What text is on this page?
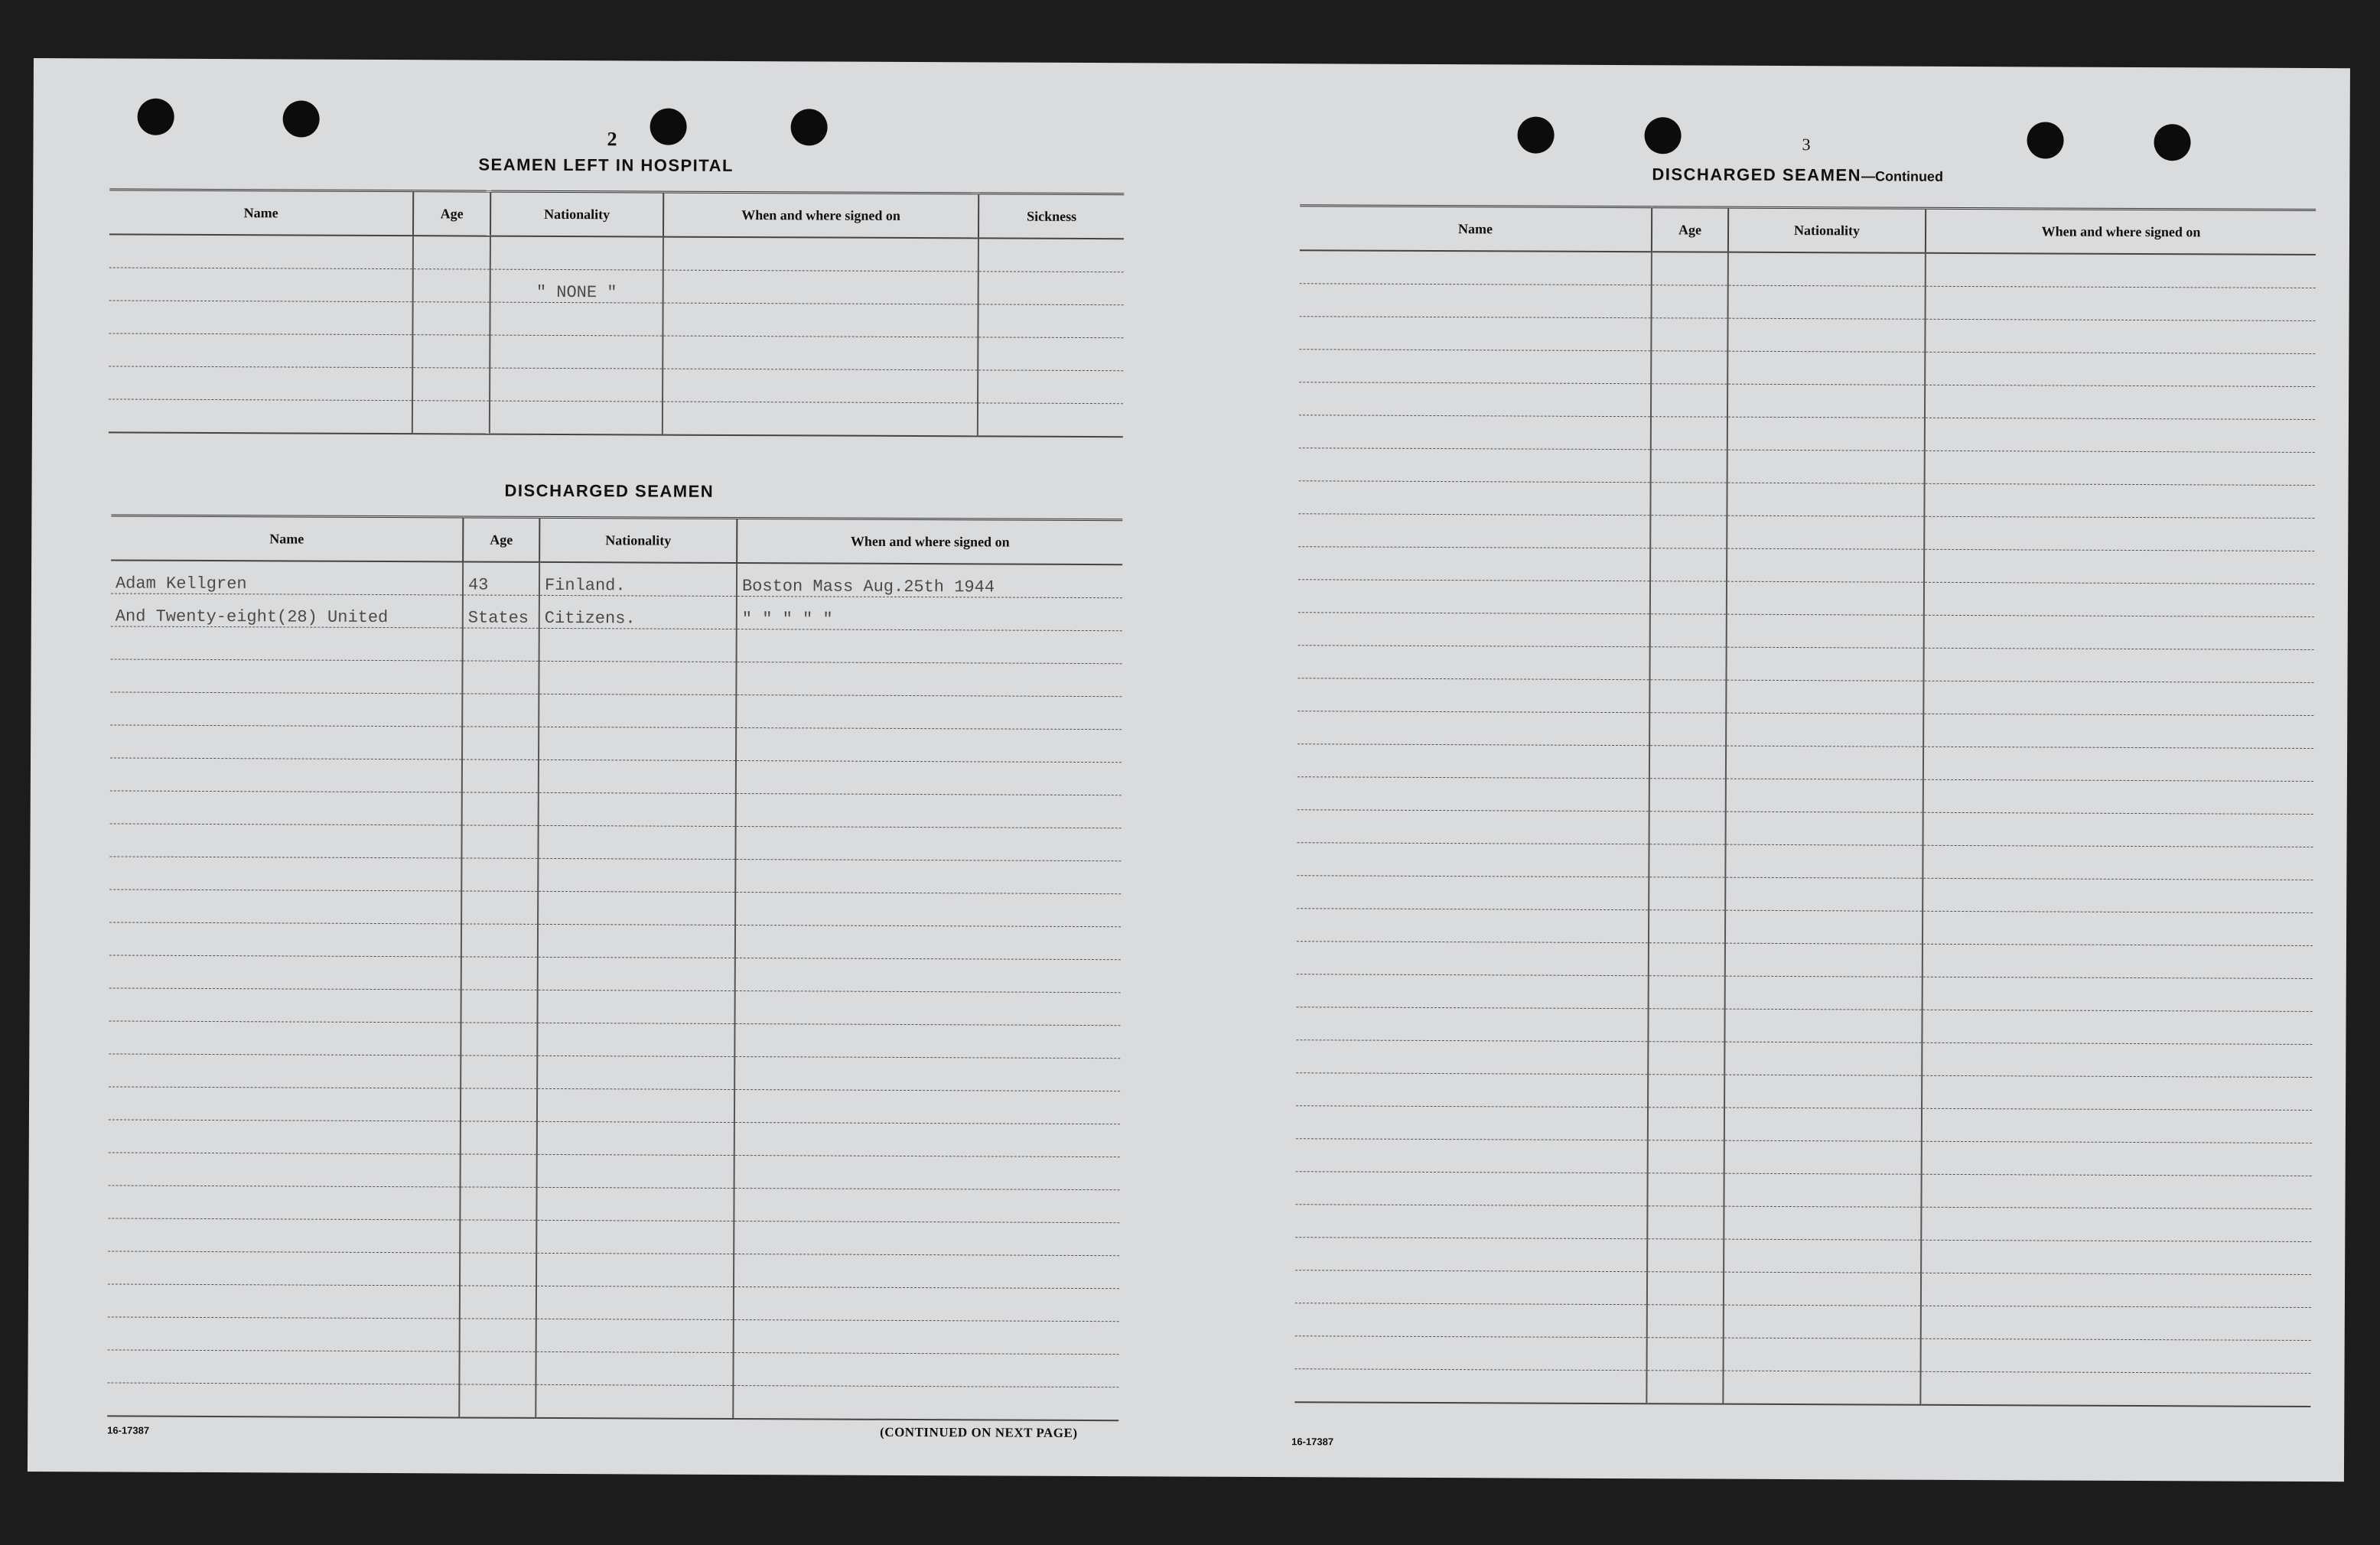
2
SEAMEN LEFT IN HOSPITAL
Name	Age	Nationality	When and where signed on	Sickness

		" NONE "		

DISCHARGED SEAMEN
Name	Age	Nationality	When and where signed on
Adam Kellgren	43	Finland.	Boston Mass Aug.25th 1944
And Twenty-eight(28) United	States	Citizens.	" " " " "

16-17387	(CONTINUED ON NEXT PAGE)
3
DISCHARGED SEAMEN—Continued
Name	Age	Nationality	When and where signed on

16-17387
